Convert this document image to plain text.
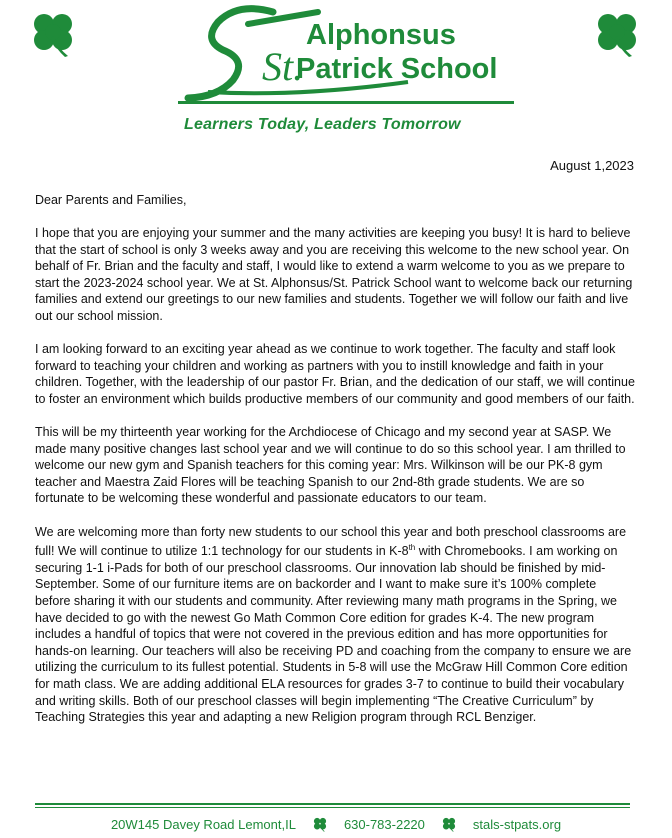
St.
Alphonsus
Patrick School
Learners Today, Leaders Tomorrow
August 1,2023

Dear Parents and Families,

I hope that you are enjoying your summer and the many activities are keeping you busy! It is hard to believe that the start of school is only 3 weeks away and you are receiving this welcome to the new school year. On behalf of Fr. Brian and the faculty and staff, I would like to extend a warm welcome to you as we prepare to start the 2023-2024 school year. We at St. Alphonsus/St. Patrick School want to welcome back our returning families and extend our greetings to our new families and students. Together we will follow our faith and live out our school mission.

I am looking forward to an exciting year ahead as we continue to work together. The faculty and staff look forward to teaching your children and working as partners with you to instill knowledge and faith in your children. Together, with the leadership of our pastor Fr. Brian, and the dedication of our staff, we will continue to foster an environment which builds productive members of our community and good members of our faith.

This will be my thirteenth year working for the Archdiocese of Chicago and my second year at SASP. We made many positive changes last school year and we will continue to do so this school year. I am thrilled to welcome our new gym and Spanish teachers for this coming year: Mrs. Wilkinson will be our PK-8 gym teacher and Maestra Zaid Flores will be teaching Spanish to our 2nd-8th grade students. We are so fortunate to be welcoming these wonderful and passionate educators to our team.

We are welcoming more than forty new students to our school this year and both preschool classrooms are full! We will continue to utilize 1:1 technology for our students in K-8th with Chromebooks. I am working on securing 1-1 i-Pads for both of our preschool classrooms. Our innovation lab should be finished by mid-September. Some of our furniture items are on backorder and I want to make sure it’s 100% complete before sharing it with our students and community. After reviewing many math programs in the Spring, we have decided to go with the newest Go Math Common Core edition for grades K-4. The new program includes a handful of topics that were not covered in the previous edition and has more opportunities for hands-on learning. Our teachers will also be receiving PD and coaching from the company to ensure we are utilizing the curriculum to its fullest potential. Students in 5-8 will use the McGraw Hill Common Core edition for math class. We are adding additional ELA resources for grades 3-7 to continue to build their vocabulary and writing skills. Both of our preschool classes will begin implementing “The Creative Curriculum” by Teaching Strategies this year and adapting a new Religion program through RCL Benziger.

20W145 Davey Road Lemont,IL	630-783-2220	stals-stpats.org
